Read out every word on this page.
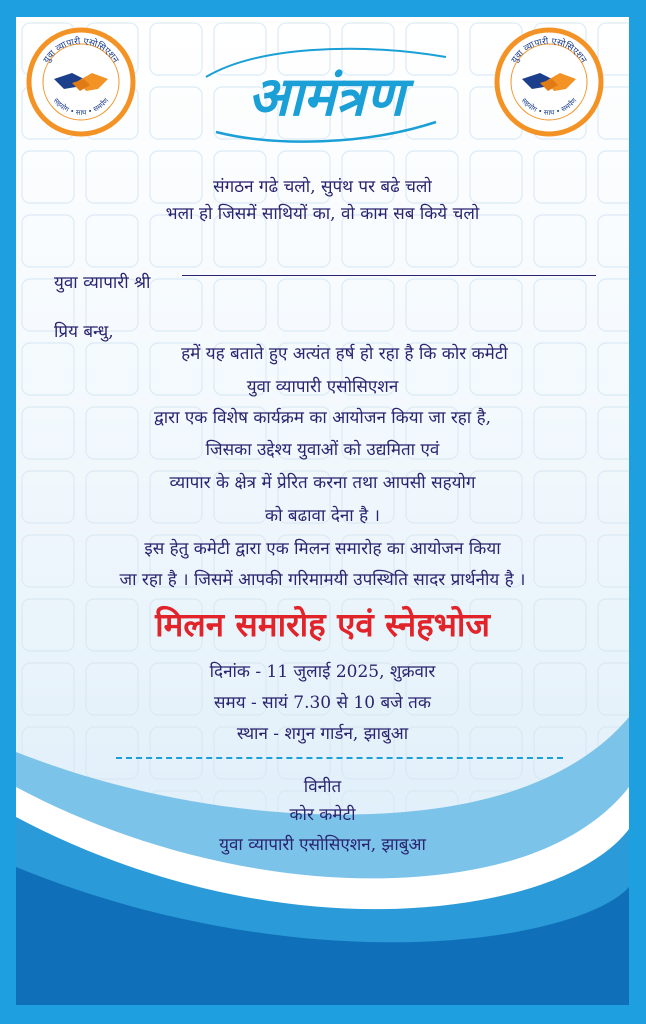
युवा व्यापारी एसोसिएशन
सहयोग • साथ • समर्पण
युवा व्यापारी एसोसिएशन
सहयोग • साथ • समर्पण
आमंत्रण
संगठन गढे चलो, सुपंथ पर बढे चलो
भला हो जिसमें साथियों का, वो काम सब किये चलो
युवा व्यापारी श्री
प्रिय बन्धु,
हमें यह बताते हुए अत्यंत हर्ष हो रहा है कि कोर कमेटी
युवा व्यापारी एसोसिएशन
द्वारा एक विशेष कार्यक्रम का आयोजन किया जा रहा है,
जिसका उद्देश्य युवाओं को उद्यमिता एवं
व्यापार के क्षेत्र में प्रेरित करना तथा आपसी सहयोग
को बढावा देना है ।
इस हेतु कमेटी द्वारा एक मिलन समारोह का आयोजन किया
जा रहा है । जिसमें आपकी गरिमामयी उपस्थिति सादर प्रार्थनीय है ।
मिलन समारोह एवं स्नेहभोज
दिनांक - 11 जुलाई 2025, शुक्रवार
समय - सायं 7.30 से 10 बजे तक
स्थान - शगुन गार्डन, झाबुआ
विनीत
कोर कमेटी
युवा व्यापारी एसोसिएशन, झाबुआ
